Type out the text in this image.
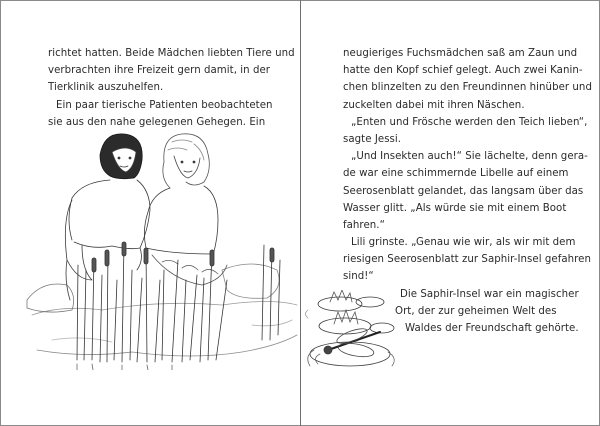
richtet hatten. Beide Mädchen liebten Tiere und
verbrachten ihre Freizeit gern damit, in der
Tierklinik auszuhelfen.
Ein paar tierische Patienten beobachteten
sie aus den nahe gelegenen Gehegen. Ein
neugieriges Fuchsmädchen saß am Zaun und
hatte den Kopf schief gelegt. Auch zwei Kanin-
chen blinzelten zu den Freundinnen hinüber und
zuckelten dabei mit ihren Näschen.
„Enten und Frösche werden den Teich lieben“,
sagte Jessi.
„Und Insekten auch!“ Sie lächelte, denn gera-
de war eine schimmernde Libelle auf einem
Seerosenblatt gelandet, das langsam über das
Wasser glitt. „Als würde sie mit einem Boot
fahren.“
Lili grinste. „Genau wie wir, als wir mit dem
riesigen Seerosenblatt zur Saphir-Insel gefahren
sind!“
Die Saphir-Insel war ein magischer
Ort, der zur geheimen Welt des
Waldes der Freundschaft gehörte.
